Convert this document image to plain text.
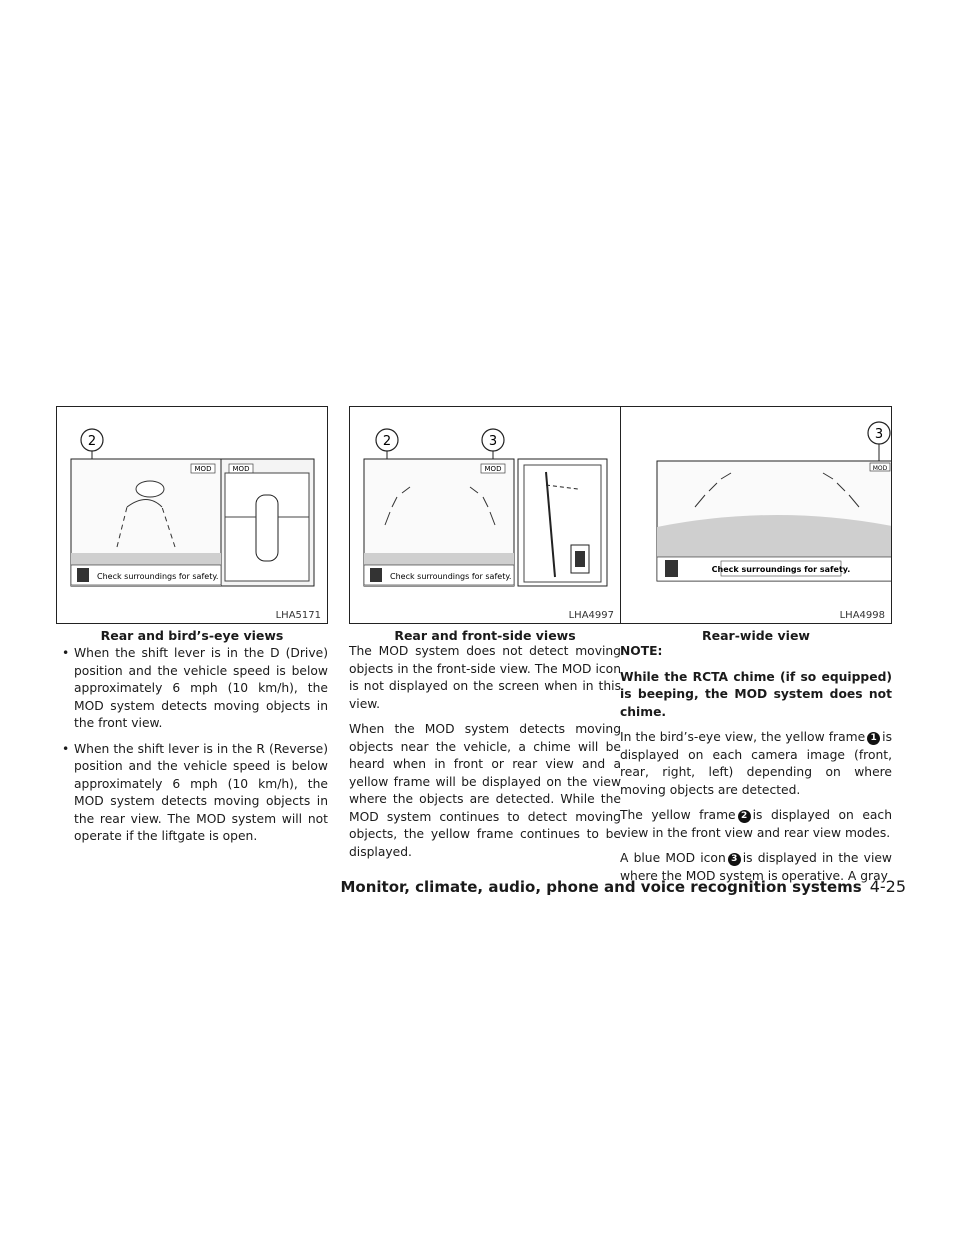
2
MOD	MOD
Check surroundings for safety.
LHA5171
Rear and bird’s-eye views
• When the shift lever is in the D (Drive) position and the vehicle speed is below approximately 6 mph (10 km/h), the MOD system detects moving objects in the front view.
• When the shift lever is in the R (Reverse) position and the vehicle speed is below approximately 6 mph (10 km/h), the MOD system detects moving objects in the rear view. The MOD system will not operate if the liftgate is open.
2	3
MOD
Check surroundings for safety.
LHA4997
Rear and front-side views

The MOD system does not detect moving objects in the front-side view. The MOD icon is not displayed on the screen when in this view.

When the MOD system detects moving objects near the vehicle, a chime will be heard when in front or rear view and a yellow frame will be displayed on the view where the objects are detected. While the MOD system continues to detect moving objects, the yellow frame continues to be displayed.

3
MOD
Check surroundings for safety.
LHA4998
Rear-wide view

NOTE:

While the RCTA chime (if so equipped) is beeping, the MOD system does not chime.

In the bird’s-eye view, the yellow frame 1 is displayed on each camera image (front, rear, right, left) depending on where moving objects are detected.

The yellow frame 2 is displayed on each view in the front view and rear view modes.

A blue MOD icon 3 is displayed in the view where the MOD system is operative. A gray

Monitor, climate, audio, phone and voice recognition systems 4-25
